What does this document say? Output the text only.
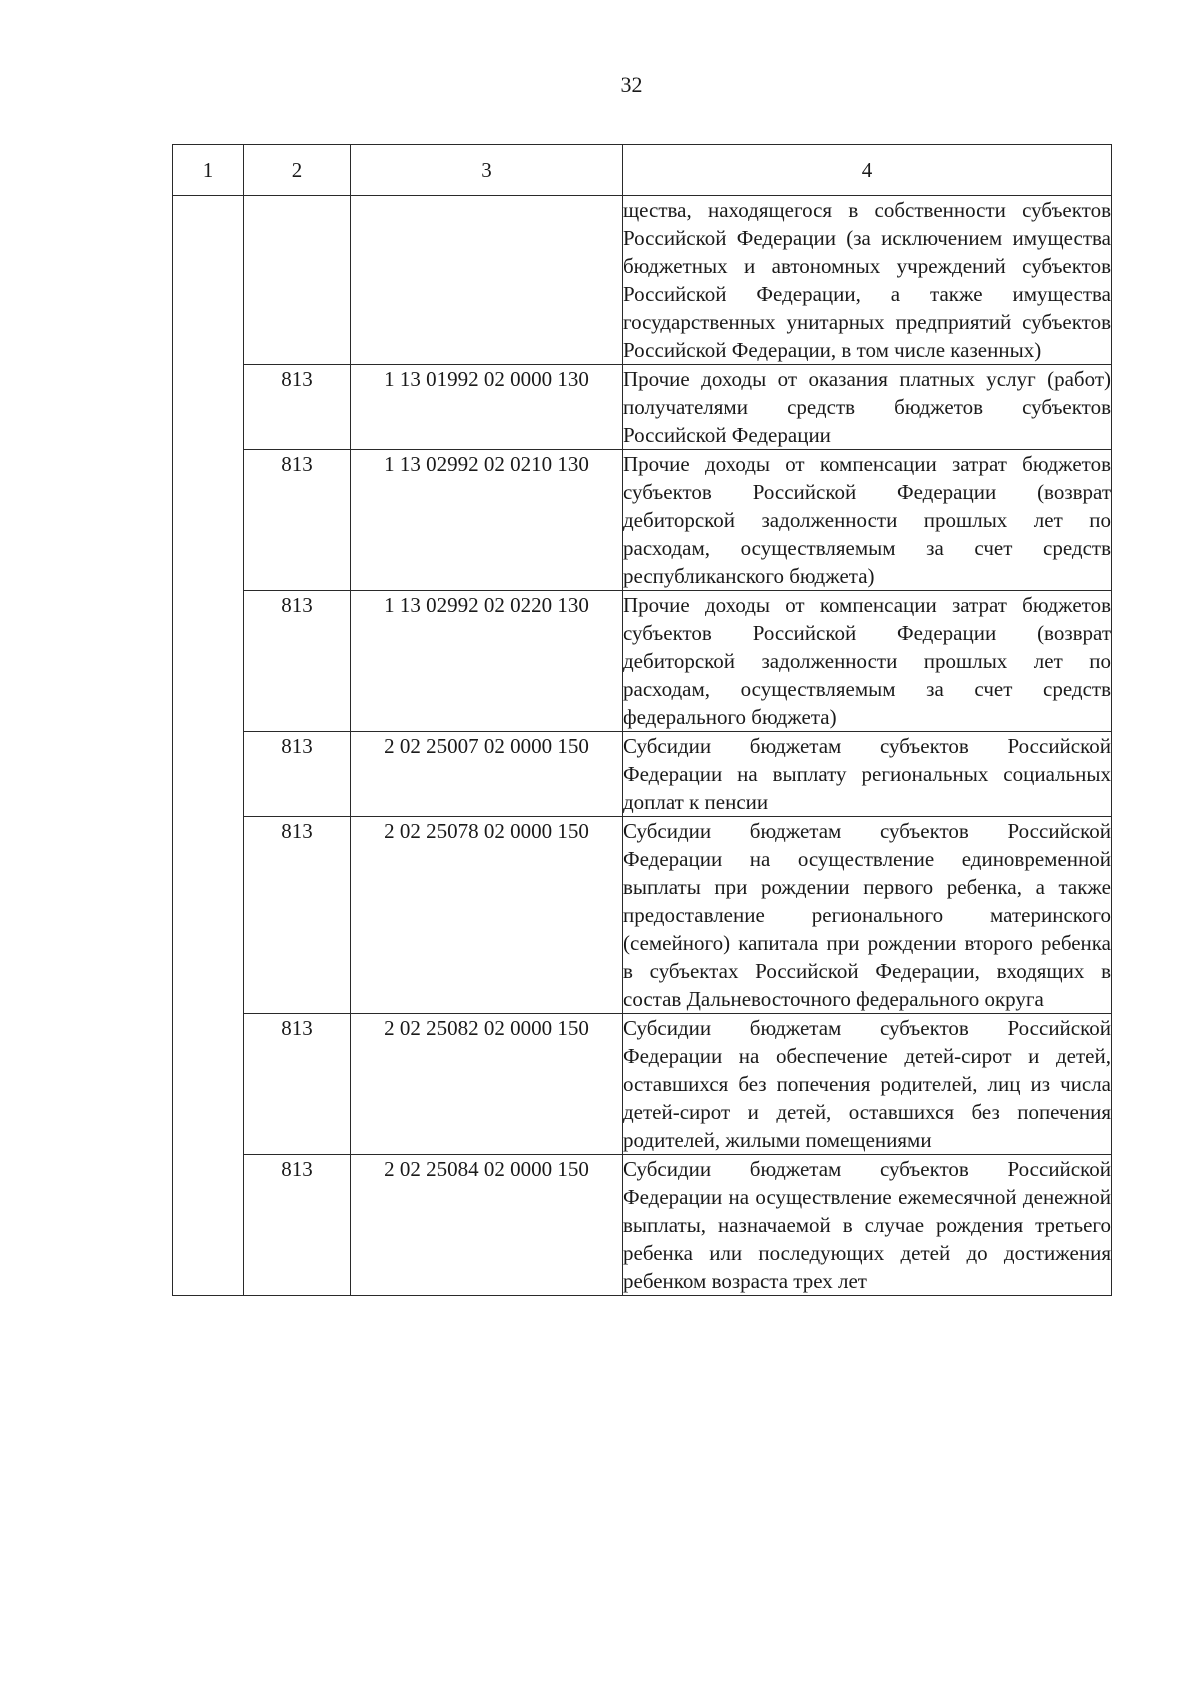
32
1	2	3	4
			щества, находящегося в собственности субъектов Российской Федерации (за исключением имущества бюджетных и автономных учреждений субъектов Российской Федерации, а также имущества государственных унитарных предприятий субъектов Российской Федерации, в том числе казенных)
	813	1 13 01992 02 0000 130	Прочие доходы от оказания платных услуг (работ) получателями средств бюджетов субъектов Российской Федерации
	813	1 13 02992 02 0210 130	Прочие доходы от компенсации затрат бюджетов субъектов Российской Федерации (возврат дебиторской задолженности прошлых лет по расходам, осуществляемым за счет средств республиканского бюджета)
	813	1 13 02992 02 0220 130	Прочие доходы от компенсации затрат бюджетов субъектов Российской Федерации (возврат дебиторской задолженности прошлых лет по расходам, осуществляемым за счет средств федерального бюджета)
	813	2 02 25007 02 0000 150	Субсидии бюджетам субъектов Российской Федерации на выплату региональных социальных доплат к пенсии
	813	2 02 25078 02 0000 150	Субсидии бюджетам субъектов Российской Федерации на осуществление единовременной выплаты при рождении первого ребенка, а также предоставление регионального материнского (семейного) капитала при рождении второго ребенка в субъектах Российской Федерации, входящих в состав Дальневосточного федерального округа
	813	2 02 25082 02 0000 150	Субсидии бюджетам субъектов Российской Федерации на обеспечение детей-сирот и детей, оставшихся без попечения родителей, лиц из числа детей-сирот и детей, оставшихся без попечения родителей, жилыми помещениями
	813	2 02 25084 02 0000 150	Субсидии бюджетам субъектов Российской Федерации на осуществление ежемесячной денежной выплаты, назначаемой в случае рождения третьего ребенка или последующих детей до достижения ребенком возраста трех лет
